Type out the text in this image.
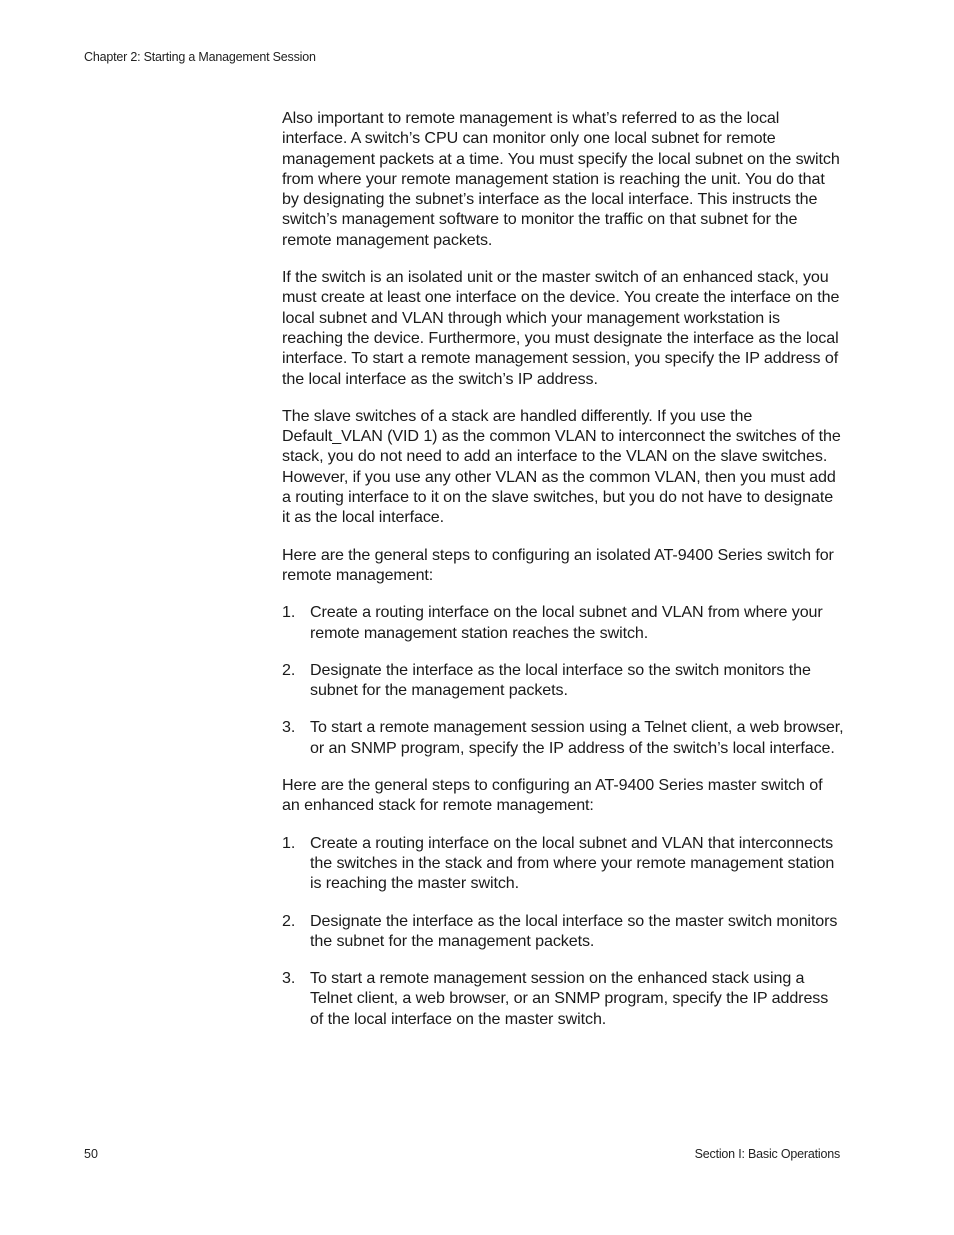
Chapter 2: Starting a Management Session

Also important to remote management is what’s referred to as the local interface. A switch’s CPU can monitor only one local subnet for remote management packets at a time. You must specify the local subnet on the switch from where your remote management station is reaching the unit. You do that by designating the subnet’s interface as the local interface. This instructs the switch’s management software to monitor the traffic on that subnet for the remote management packets.

If the switch is an isolated unit or the master switch of an enhanced stack, you must create at least one interface on the device. You create the interface on the local subnet and VLAN through which your management workstation is reaching the device. Furthermore, you must designate the interface as the local interface. To start a remote management session, you specify the IP address of the local interface as the switch’s IP address.

The slave switches of a stack are handled differently. If you use the Default_VLAN (VID 1) as the common VLAN to interconnect the switches of the stack, you do not need to add an interface to the VLAN on the slave switches. However, if you use any other VLAN as the common VLAN, then you must add a routing interface to it on the slave switches, but you do not have to designate it as the local interface.

Here are the general steps to configuring an isolated AT-9400 Series switch for remote management:

1. Create a routing interface on the local subnet and VLAN from where your remote management station reaches the switch.
2. Designate the interface as the local interface so the switch monitors the subnet for the management packets.
3. To start a remote management session using a Telnet client, a web browser, or an SNMP program, specify the IP address of the switch’s local interface.

Here are the general steps to configuring an AT-9400 Series master switch of an enhanced stack for remote management:

1. Create a routing interface on the local subnet and VLAN that interconnects the switches in the stack and from where your remote management station is reaching the master switch.
2. Designate the interface as the local interface so the master switch monitors the subnet for the management packets.
3. To start a remote management session on the enhanced stack using a Telnet client, a web browser, or an SNMP program, specify the IP address of the local interface on the master switch.
50	Section I: Basic Operations
